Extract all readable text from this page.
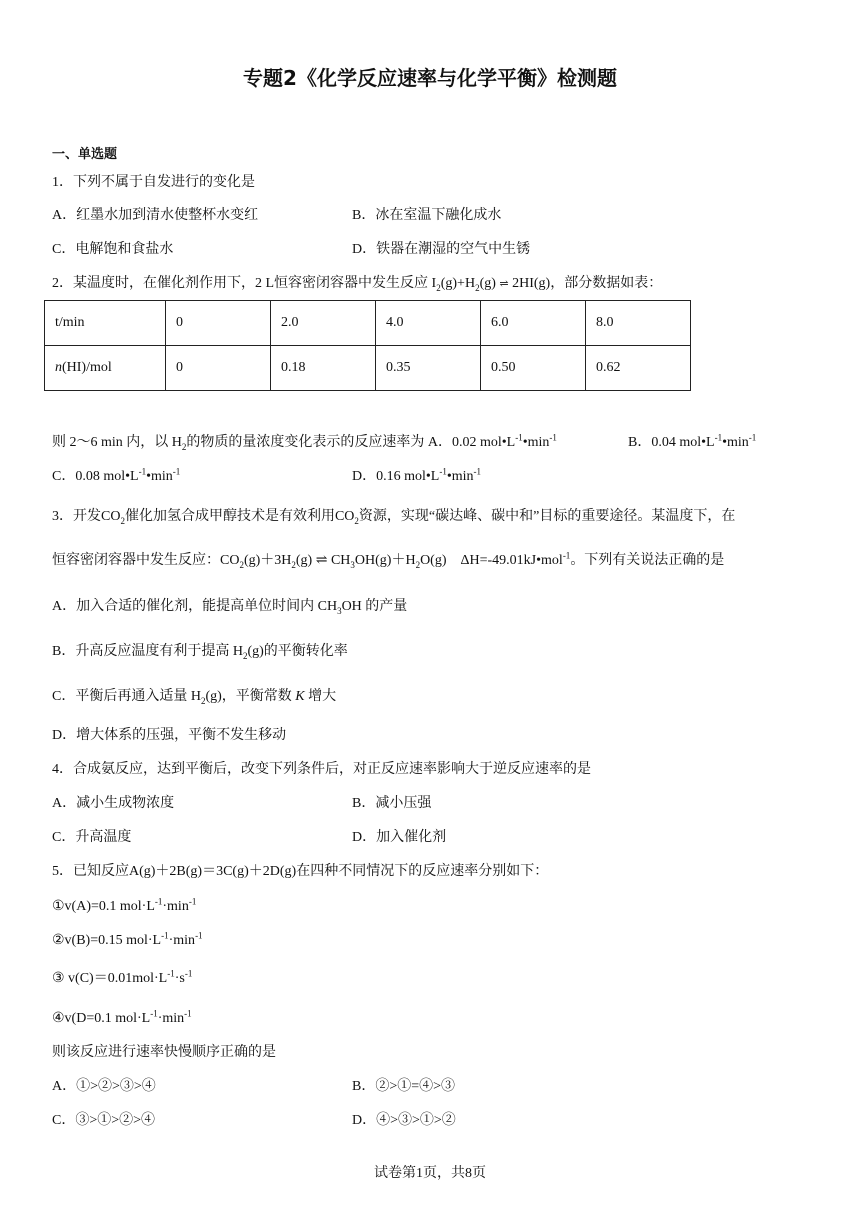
专题2《化学反应速率与化学平衡》检测题
一、单选题
1．下列不属于自发进行的变化是
A．红墨水加到清水使整杯水变红	B．冰在室温下融化成水
C．电解饱和食盐水	D．铁器在潮湿的空气中生锈
2．某温度时，在催化剂作用下，2 L恒容密闭容器中发生反应 $I_2(g)+H_2(g)$ ⇌ 2HI(g)，部分数据如表：
t/min	0	2.0	4.0	6.0	8.0
n(HI)/mol	0	0.18	0.35	0.50	0.62
则 2～6 min 内，以 $H_2$的物质的量浓度变化表示的反应速率为 A．0.02 $mol•L^{-1}•\min^{-1}$	B．0.04 $mol•L^{-1}•\min^{-1}$
C．0.08 $mol•L^{-1}•\min^{-1}$	D．0.16 $mol•L^{-1}•\min^{-1}$
3．开发$CO_2$催化加氢合成甲醇技术是有效利用$CO_2$资源，实现“碳达峰、碳中和”目标的重要途径。某温度下，在
恒容密闭容器中发生反应：$CO_2(g)+3H_2(g)$ ⇌ $CH_3OH(g)+H_2O(g)$ ΔH=-49.01kJ•mol$^{-1}$。下列有关说法正确的是
A．加入合适的催化剂，能提高单位时间内 $CH_3OH$ 的产量
B．升高反应温度有利于提高 $H_2(g)$的平衡转化率
C．平衡后再通入适量 $H_2(g)$，平衡常数 K 增大
D．增大体系的压强，平衡不发生移动
4．合成氨反应，达到平衡后，改变下列条件后，对正反应速率影响大于逆反应速率的是
A．减小生成物浓度	B．减小压强
C．升高温度	D．加入催化剂
5．已知反应A(g)＋2B(g)＝3C(g)＋2D(g)在四种不同情况下的反应速率分别如下：
①v(A)=0.1 $mol\cdot L^{-1}\cdot\min^{-1}$
②v(B)=0.15 $mol\cdot L^{-1}\cdot\min^{-1}$
③ $v(C)=0.01mol\cdot L^{-1}\cdot s^{-1}$
④v(D=0.1 $mol\cdot L^{-1}\cdot\min^{-1}$
则该反应进行速率快慢顺序正确的是
A．①>②>③>④	B．②>①=④>③
C．③>①>②>④	D．④>③>①>②
试卷第1页，共8页
